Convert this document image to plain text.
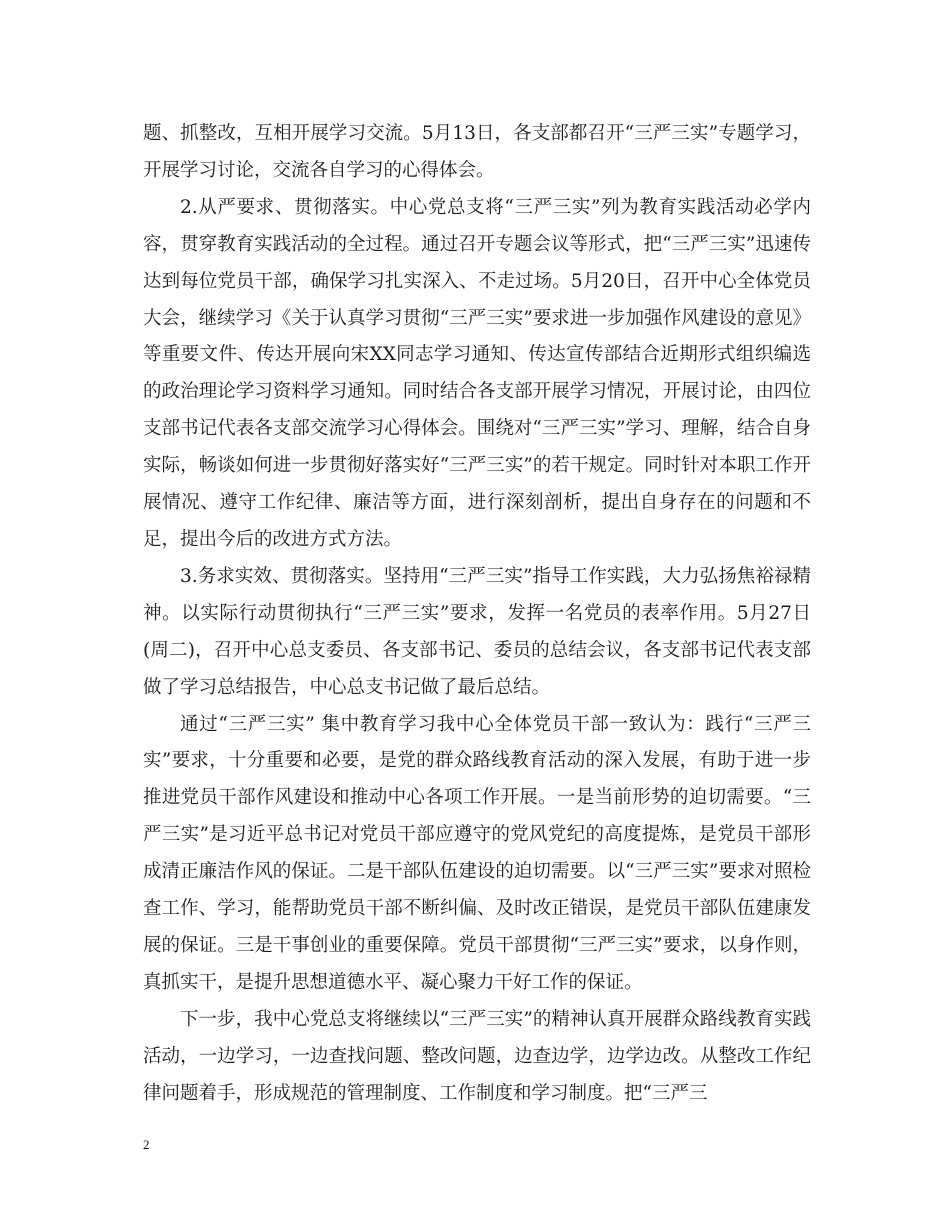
题、抓整改，互相开展学习交流。5月13日，各支部都召开“三严三实”专题学习，开展学习讨论，交流各自学习的心得体会。

2.从严要求、贯彻落实。中心党总支将“三严三实”列为教育实践活动必学内容，贯穿教育实践活动的全过程。通过召开专题会议等形式，把“三严三实”迅速传达到每位党员干部，确保学习扎实深入、不走过场。5月20日，召开中心全体党员大会，继续学习《关于认真学习贯彻“三严三实”要求进一步加强作风建设的意见》等重要文件、传达开展向宋XX同志学习通知、传达宣传部结合近期形式组织编选的政治理论学习资料学习通知。同时结合各支部开展学习情况，开展讨论，由四位支部书记代表各支部交流学习心得体会。围绕对“三严三实”学习、理解，结合自身实际，畅谈如何进一步贯彻好落实好“三严三实”的若干规定。同时针对本职工作开展情况、遵守工作纪律、廉洁等方面，进行深刻剖析，提出自身存在的问题和不足，提出今后的改进方式方法。

3.务求实效、贯彻落实。坚持用“三严三实”指导工作实践，大力弘扬焦裕禄精神。以实际行动贯彻执行“三严三实”要求，发挥一名党员的表率作用。5月27日(周二)，召开中心总支委员、各支部书记、委员的总结会议，各支部书记代表支部做了学习总结报告，中心总支书记做了最后总结。

通过“三严三实” 集中教育学习我中心全体党员干部一致认为：践行“三严三实”要求，十分重要和必要，是党的群众路线教育活动的深入发展，有助于进一步推进党员干部作风建设和推动中心各项工作开展。一是当前形势的迫切需要。“三严三实”是习近平总书记对党员干部应遵守的党风党纪的高度提炼，是党员干部形成清正廉洁作风的保证。二是干部队伍建设的迫切需要。以“三严三实”要求对照检查工作、学习，能帮助党员干部不断纠偏、及时改正错误，是党员干部队伍建康发展的保证。三是干事创业的重要保障。党员干部贯彻“三严三实”要求，以身作则，真抓实干，是提升思想道德水平、凝心聚力干好工作的保证。

下一步，我中心党总支将继续以“三严三实”的精神认真开展群众路线教育实践活动，一边学习，一边查找问题、整改问题，边查边学，边学边改。从整改工作纪律问题着手，形成规范的管理制度、工作制度和学习制度。把“三严三

2
